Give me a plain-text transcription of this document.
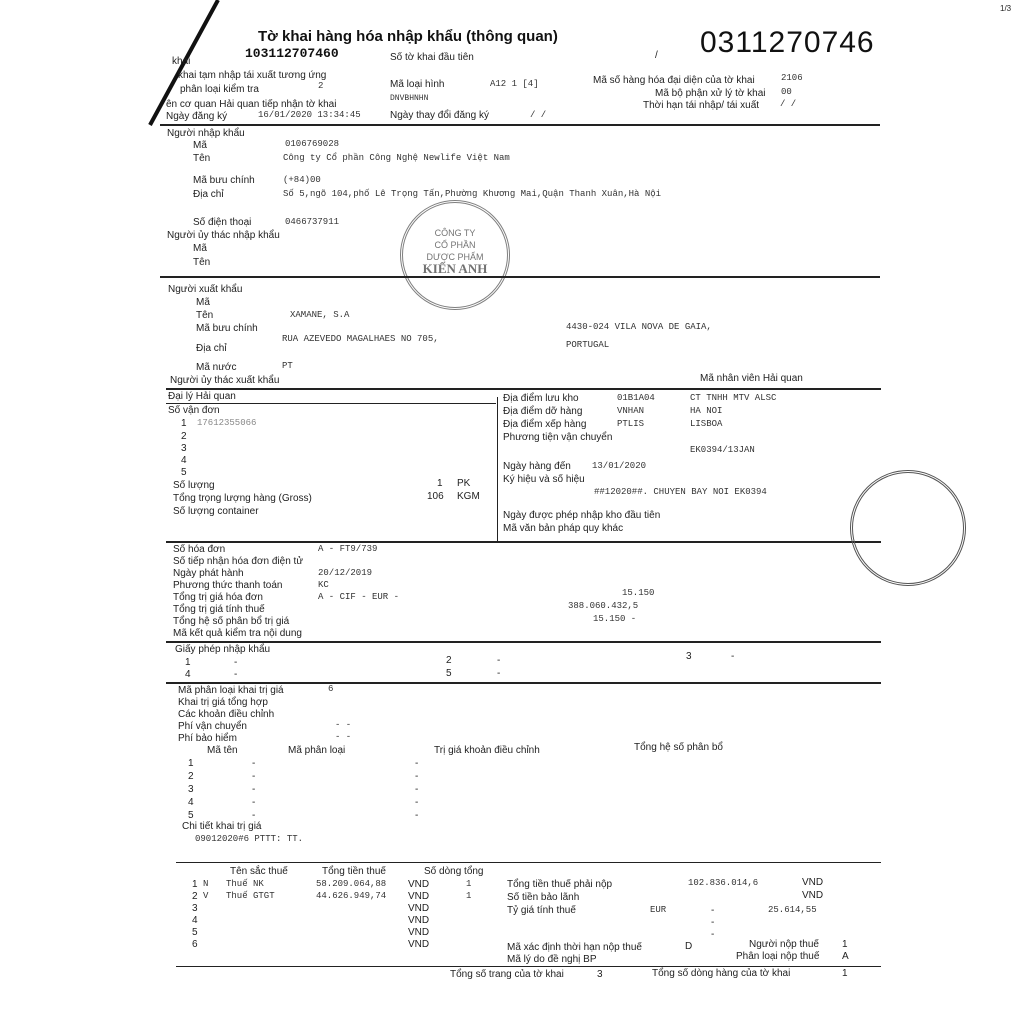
1/3
Tờ khai hàng hóa nhập khẩu (thông quan)	0311270746
khai
103112707460	Số tờ khai đầu tiên	/
khai tạm nhập tái xuất tương ứng
phân loại kiểm tra	2	Mã loại hình	A12 1 [4]	Mã số hàng hóa đại diện của tờ khai	2106
Mã bộ phận xử lý tờ khai 00
ên cơ quan Hải quan tiếp nhận tờ khai
DNVBHNHN
Thời hạn tái nhập/ tái xuất / /
Ngày đăng ký	16/01/2020 13:34:45	Ngày thay đổi đăng ký	/ /
Người nhập khẩu
Mã	0106769028
Tên	Công ty Cổ phần Công Nghệ Newlife Việt Nam
Mã bưu chính	(+84)00
Địa chỉ	Số 5,ngõ 104,phố Lê Trọng Tấn,Phường Khương Mai,Quận Thanh Xuân,Hà Nội
Số điện thoại	0466737911
Người ủy thác nhập khẩu
Mã
Tên
CÔNG TY
CỔ PHẦN
DƯỢC PHẨM
KIẾN ANH
Người xuất khẩu
Mã
Tên	XAMANE, S.A
Mã bưu chính
Địa chỉ
RUA AZEVEDO MAGALHAES NO 705,
4430-024 VILA NOVA DE GAIA,
PORTUGAL
Mã nước	PT
Người ủy thác xuất khẩu	Mã nhân viên Hải quan
Đại lý Hải quan
Số vận đơn
1 17612355066
2
3
4
5
Số lượng	1 PK
Tổng trọng lượng hàng (Gross)	106 KGM
Số lượng container
Địa điểm lưu kho	01B1A04	CT TNHH MTV ALSC
Địa điểm dỡ hàng	VNHAN	HA NOI
Địa điểm xếp hàng	PTLIS	LISBOA
Phương tiện vận chuyển
EK0394/13JAN
Ngày hàng đến 13/01/2020
Ký hiệu và số hiệu
##12020##. CHUYEN BAY NOI EK0394
Ngày được phép nhập kho đầu tiên
Mã văn bản pháp quy khác
Số hóa đơn	A - FT9/739
Số tiếp nhận hóa đơn điện tử
Ngày phát hành	20/12/2019
Phương thức thanh toán	KC
Tổng trị giá hóa đơn	A - CIF - EUR -	15.150
Tổng trị giá tính thuế	388.060.432,5
Tổng hệ số phân bổ trị giá	15.150 -
Mã kết quả kiểm tra nội dung
Giấy phép nhập khẩu
1	-	2	-	3	-
4	-	5	-
Mã phân loại khai trị giá	6
Khai trị giá tổng hợp
Các khoản điều chỉnh
Phí vận chuyển	- -
Phí bảo hiểm	- -
Mã tên	Mã phân loại	Trị giá khoản điều chỉnh	Tổng hệ số phân bổ
1	-	-
2	-	-
3	-	-
4	-	-
5	-	-
Chi tiết khai trị giá
09012020#6 PTTT: TT.
Tên sắc thuế	Tổng tiền thuế	Số dòng tổng
1 N Thuế NK	58.209.064,88 VND	1
2 V Thuế GTGT	44.626.949,74 VND	1
3	VND
4	VND
5	VND
6	VND
Tổng tiền thuế phải nộp	102.836.014,6	VND
Số tiền bảo lãnh	VND
Tỷ giá tính thuế	EUR	-
-
-
25.614,55
Mã xác định thời hạn nộp thuế	D	Người nộp thuế 1
Mã lý do đề nghị BP	Phân loại nộp thuế A
Tổng số trang của tờ khai	3	Tổng số dòng hàng của tờ khai	1
